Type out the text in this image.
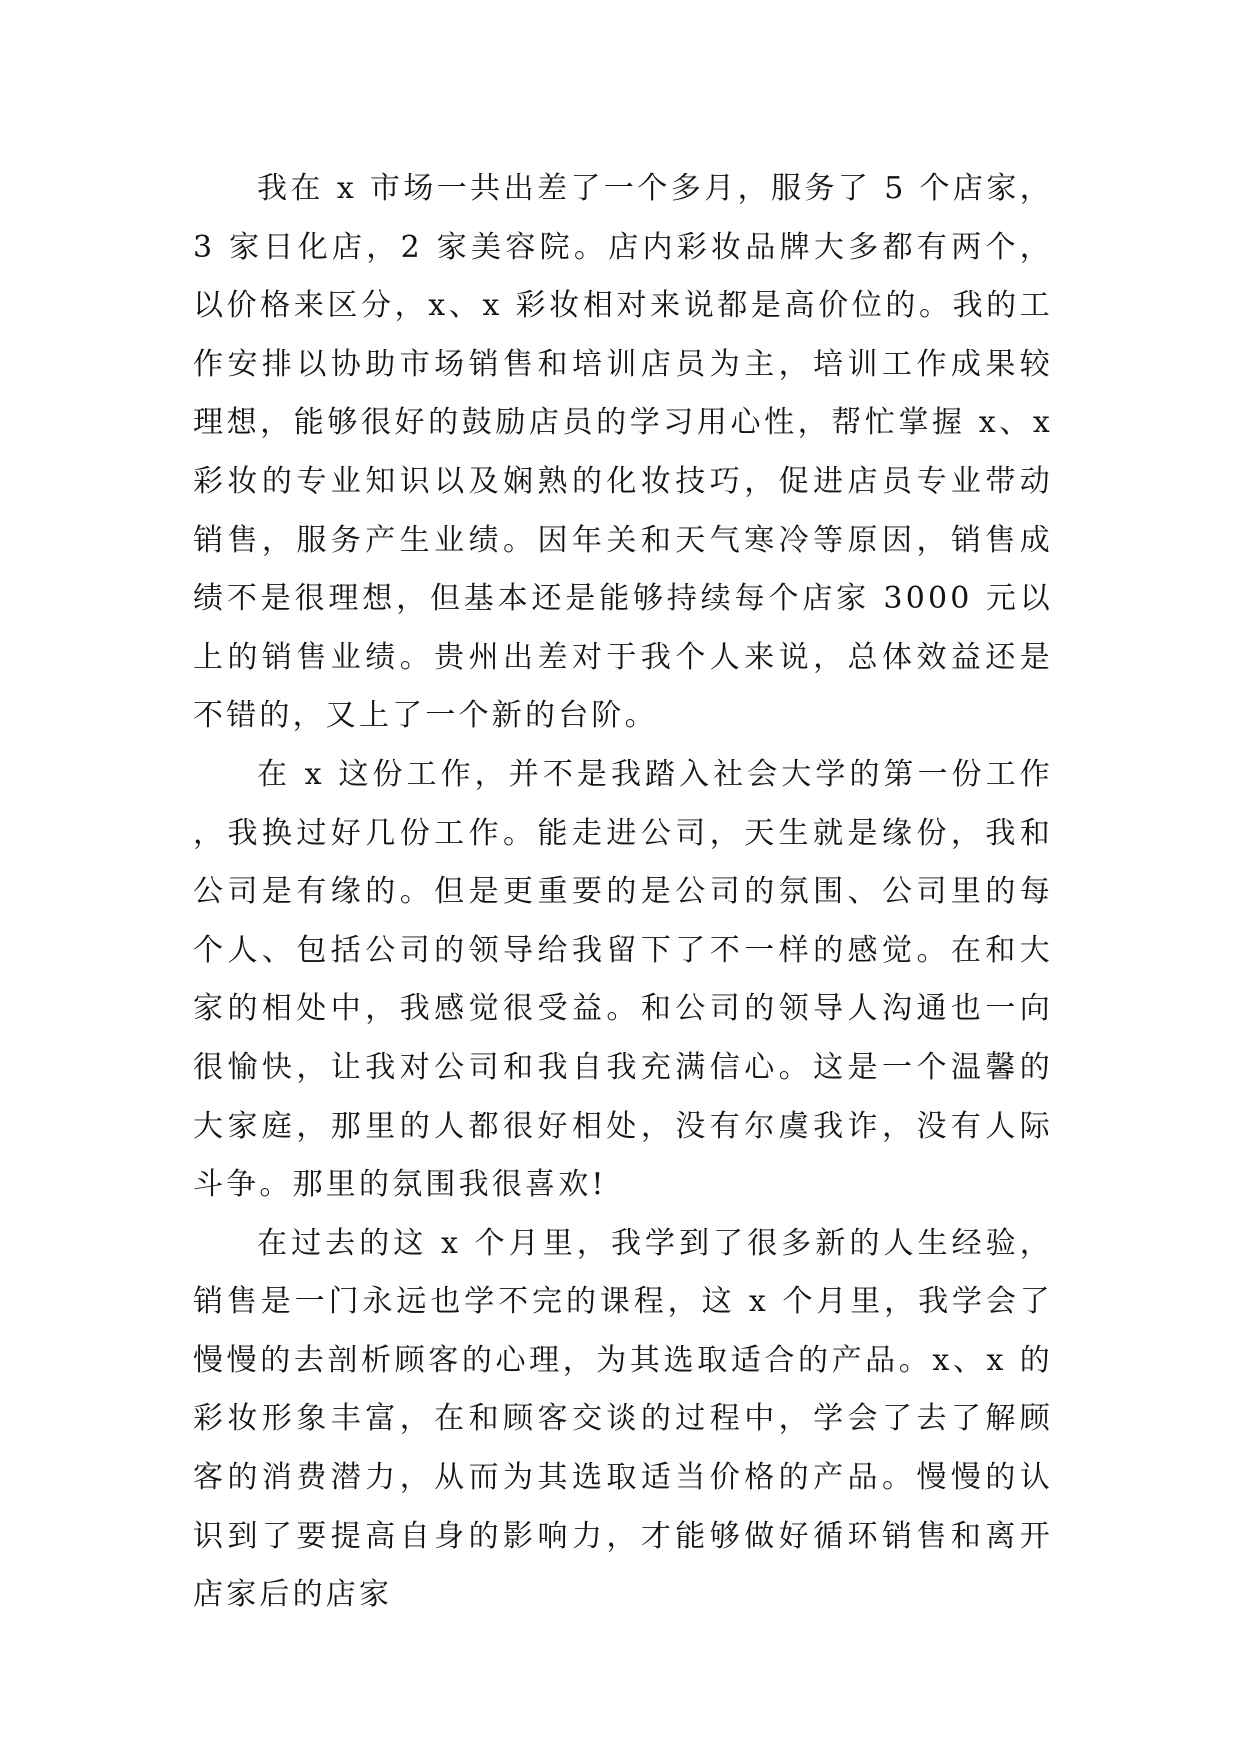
我在 x 市场一共出差了一个多月，服务了 5 个店家，3 家日化店，2 家美容院。店内彩妆品牌大多都有两个，以价格来区分，x、x 彩妆相对来说都是高价位的。我的工作安排以协助市场销售和培训店员为主，培训工作成果较理想，能够很好的鼓励店员的学习用心性，帮忙掌握 x、x 彩妆的专业知识以及娴熟的化妆技巧，促进店员专业带动销售，服务产生业绩。因年关和天气寒冷等原因，销售成绩不是很理想，但基本还是能够持续每个店家 3000 元以上的销售业绩。贵州出差对于我个人来说，总体效益还是不错的，又上了一个新的台阶。

在 x 这份工作，并不是我踏入社会大学的第一份工作，我换过好几份工作。能走进公司，天生就是缘份，我和公司是有缘的。但是更重要的是公司的氛围、公司里的每个人、包括公司的领导给我留下了不一样的感觉。在和大家的相处中，我感觉很受益。和公司的领导人沟通也一向很愉快，让我对公司和我自我充满信心。这是一个温馨的大家庭，那里的人都很好相处，没有尔虞我诈，没有人际斗争。那里的氛围我很喜欢!

在过去的这 x 个月里，我学到了很多新的人生经验，销售是一门永远也学不完的课程，这 x 个月里，我学会了慢慢的去剖析顾客的心理，为其选取适合的产品。x、x 的彩妆形象丰富，在和顾客交谈的过程中，学会了去了解顾客的消费潜力，从而为其选取适当价格的产品。慢慢的认识到了要提高自身的影响力，才能够做好循环销售和离开店家后的店家
